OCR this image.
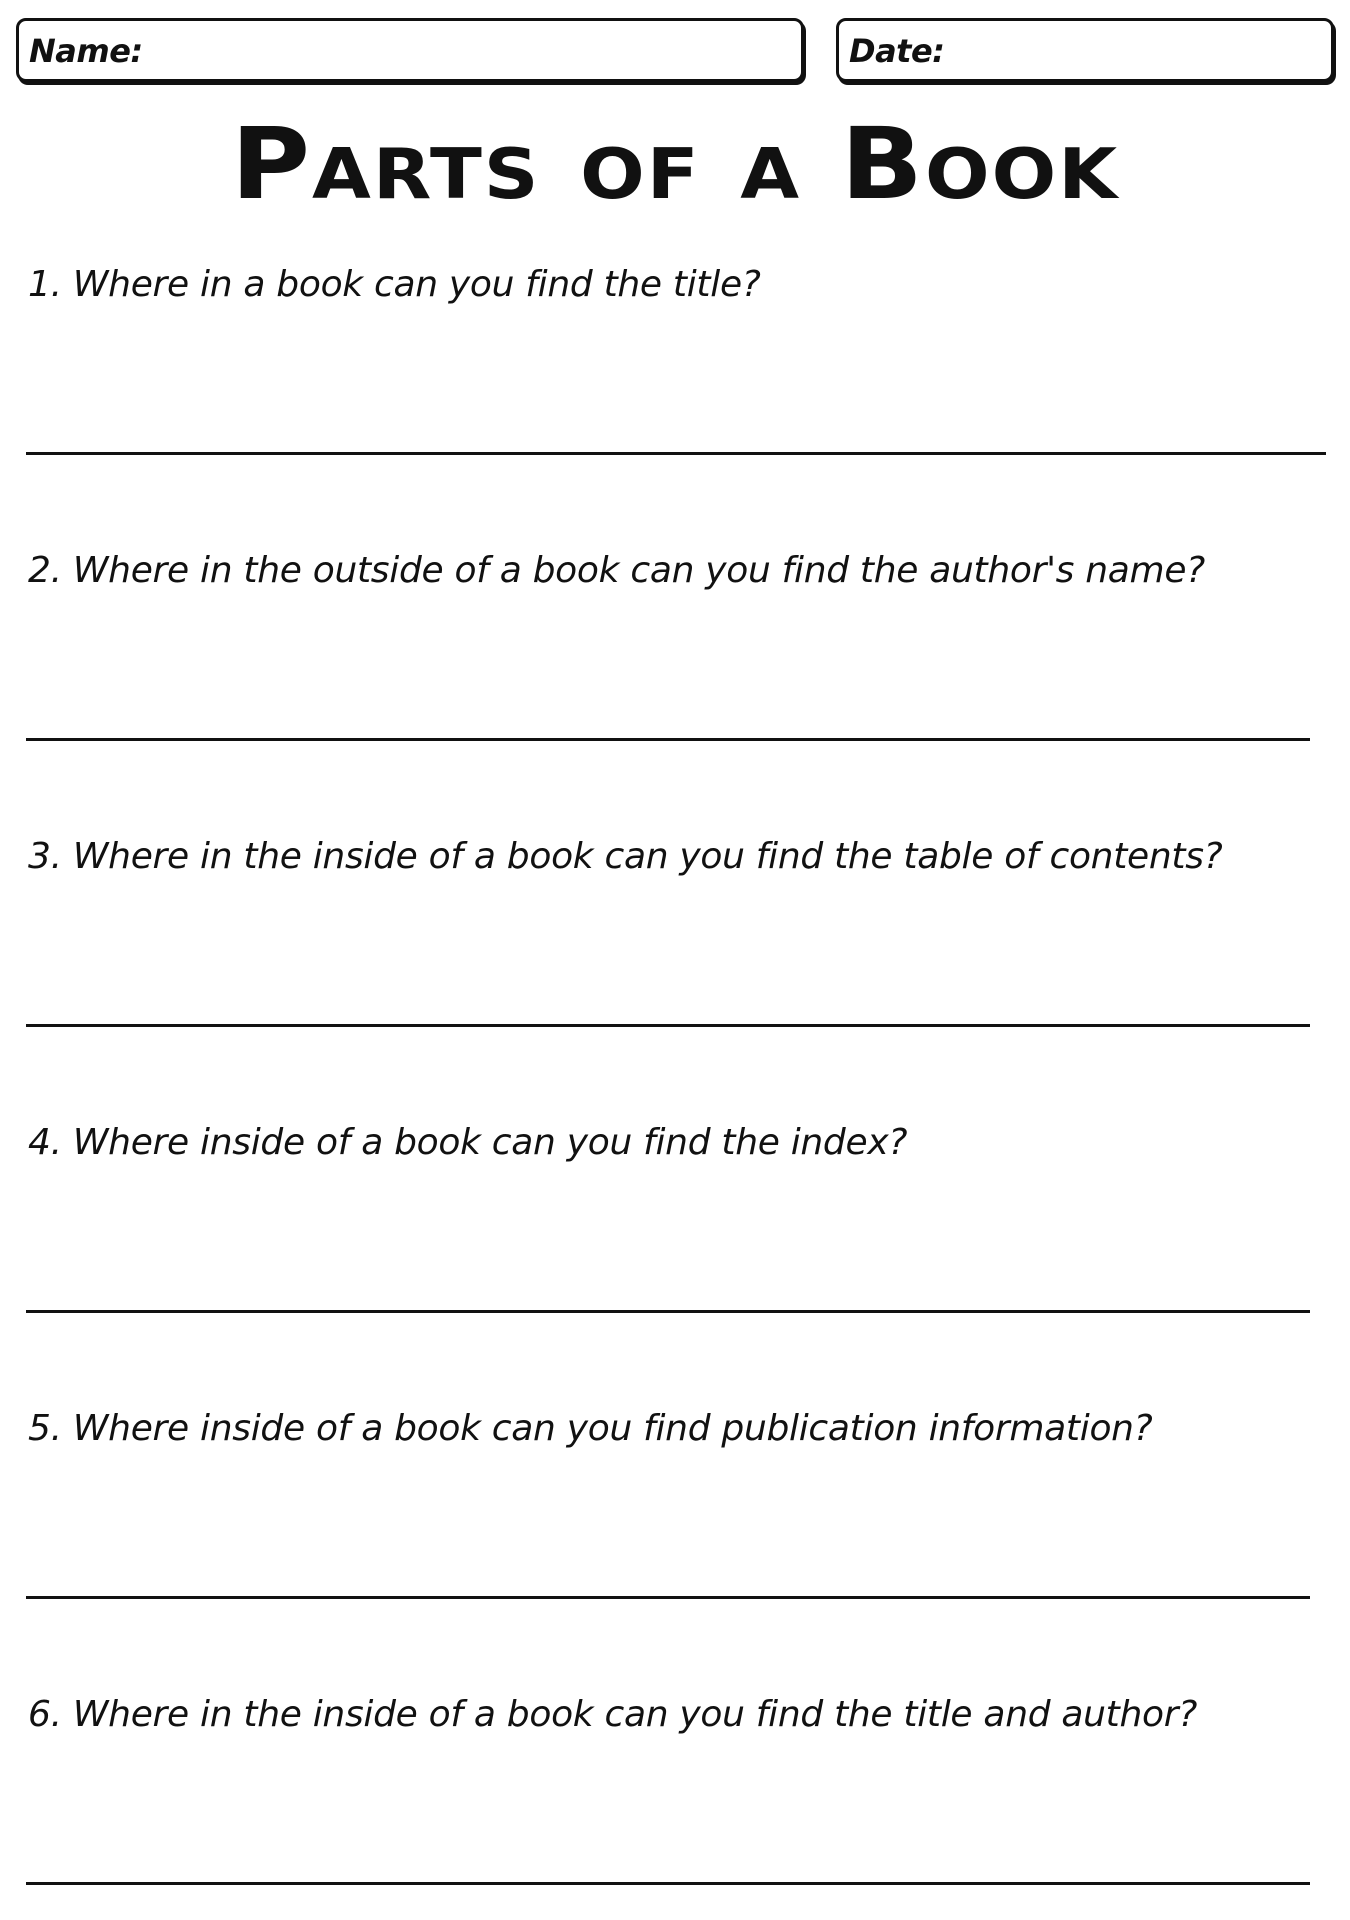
Name:	Date:
Parts of a Book
1. Where in a book can you find the title?
2. Where in the outside of a book can you find the author's name?
3. Where in the inside of a book can you find the table of contents?
4. Where inside of a book can you find the index?
5. Where inside of a book can you find publication information?
6. Where in the inside of a book can you find the title and author?
